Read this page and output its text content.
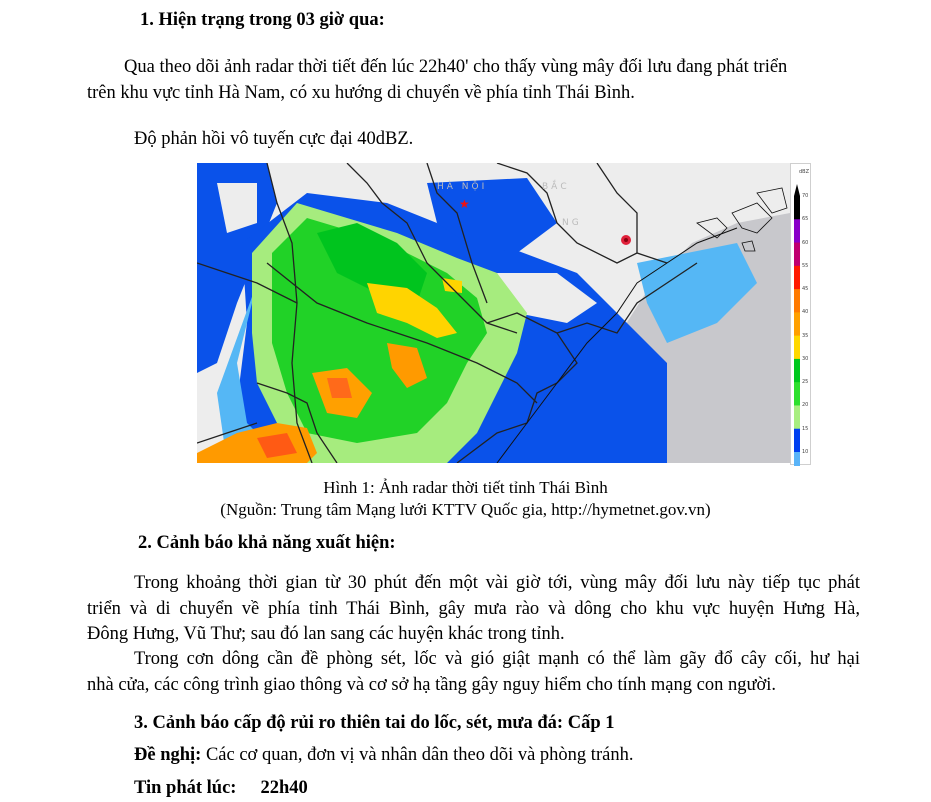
1. Hiện trạng trong 03 giờ qua:
Qua theo dõi ảnh radar thời tiết đến lúc 22h40' cho thấy vùng mây đối lưu đang phát triển
trên khu vực tỉnh Hà Nam, có xu hướng di chuyển về phía tỉnh Thái Bình.
Độ phản hồi vô tuyến cực đại 40dBZ.
★
HÀ NỘI	BẮC
NG
dBZ
70
65
60
55
45
40
35
30
25
20
15
10
Hình 1: Ảnh radar thời tiết tỉnh Thái Bình
(Nguồn: Trung tâm Mạng lưới KTTV Quốc gia, http://hymetnet.gov.vn)
2. Cảnh báo khả năng xuất hiện:
Trong khoảng thời gian từ 30 phút đến một vài giờ tới, vùng mây đối lưu này tiếp tục phát
triển và di chuyển về phía tỉnh Thái Bình, gây mưa rào và dông cho khu vực huyện Hưng Hà,
Đông Hưng, Vũ Thư; sau đó lan sang các huyện khác trong tỉnh.
Trong cơn dông cần đề phòng sét, lốc và gió giật mạnh có thể làm gãy đổ cây cối, hư hại
nhà cửa, các công trình giao thông và cơ sở hạ tầng gây nguy hiểm cho tính mạng con người.
3. Cảnh báo cấp độ rủi ro thiên tai do lốc, sét, mưa đá: Cấp 1
Đề nghị: Các cơ quan, đơn vị và nhân dân theo dõi và phòng tránh.
Tin phát lúc: 22h40
